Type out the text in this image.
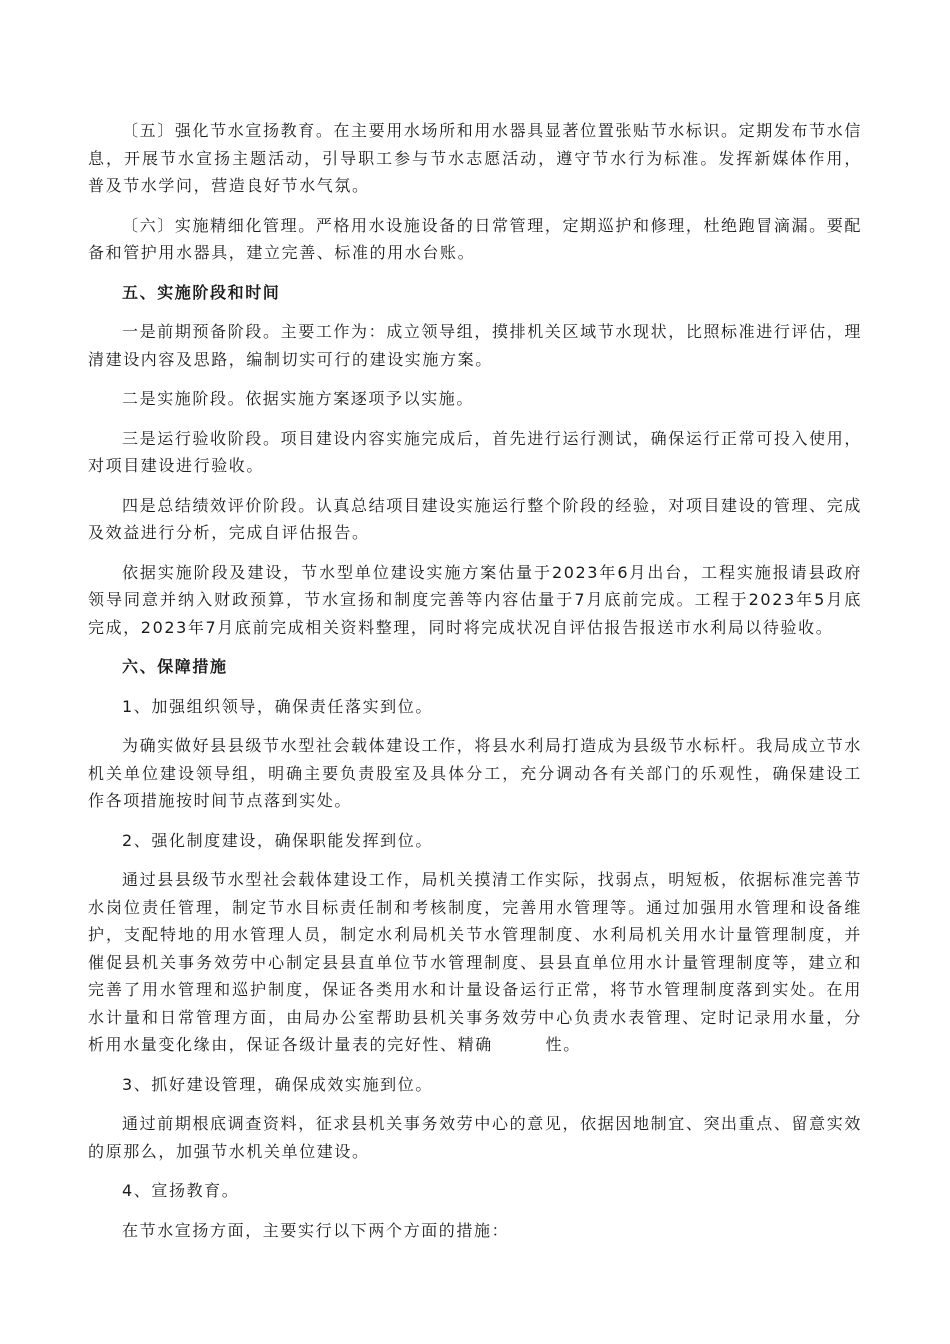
〔五〕强化节水宣扬教育。在主要用水场所和用水器具显著位置张贴节水标识。定期发布节水信息，开展节水宣扬主题活动，引导职工参与节水志愿活动，遵守节水行为标准。发挥新媒体作用，普及节水学问，营造良好节水气氛。

〔六〕实施精细化管理。严格用水设施设备的日常管理，定期巡护和修理，杜绝跑冒滴漏。要配备和管护用水器具，建立完善、标准的用水台账。

五、实施阶段和时间

一是前期预备阶段。主要工作为：成立领导组，摸排机关区域节水现状，比照标准进行评估，理清建设内容及思路，编制切实可行的建设实施方案。

二是实施阶段。依据实施方案逐项予以实施。

三是运行验收阶段。项目建设内容实施完成后，首先进行运行测试，确保运行正常可投入使用，对项目建设进行验收。

四是总结绩效评价阶段。认真总结项目建设实施运行整个阶段的经验，对项目建设的管理、完成及效益进行分析，完成自评估报告。

依据实施阶段及建设，节水型单位建设实施方案估量于2023年6月出台，工程实施报请县政府领导同意并纳入财政预算，节水宣扬和制度完善等内容估量于7月底前完成。工程于2023年5月底完成，2023年7月底前完成相关资料整理，同时将完成状况自评估报告报送市水利局以待验收。

六、保障措施

1、加强组织领导，确保责任落实到位。

为确实做好县县级节水型社会载体建设工作，将县水利局打造成为县级节水标杆。我局成立节水机关单位建设领导组，明确主要负责股室及具体分工，充分调动各有关部门的乐观性，确保建设工作各项措施按时间节点落到实处。

2、强化制度建设，确保职能发挥到位。

通过县县级节水型社会载体建设工作，局机关摸清工作实际，找弱点，明短板，依据标准完善节水岗位责任管理，制定节水目标责任制和考核制度，完善用水管理等。通过加强用水管理和设备维护，支配特地的用水管理人员，制定水利局机关节水管理制度、水利局机关用水计量管理制度，并催促县机关事务效劳中心制定县县直单位节水管理制度、县县直单位用水计量管理制度等，建立和完善了用水管理和巡护制度，保证各类用水和计量设备运行正常，将节水管理制度落到实处。在用水计量和日常管理方面，由局办公室帮助县机关事务效劳中心负责水表管理、定时记录用水量，分析用水量变化缘由，保证各级计量表的完好性、精确　　　性。

3、抓好建设管理，确保成效实施到位。

通过前期根底调查资料，征求县机关事务效劳中心的意见，依据因地制宜、突出重点、留意实效的原那么，加强节水机关单位建设。

4、宣扬教育。

在节水宣扬方面，主要实行以下两个方面的措施：
